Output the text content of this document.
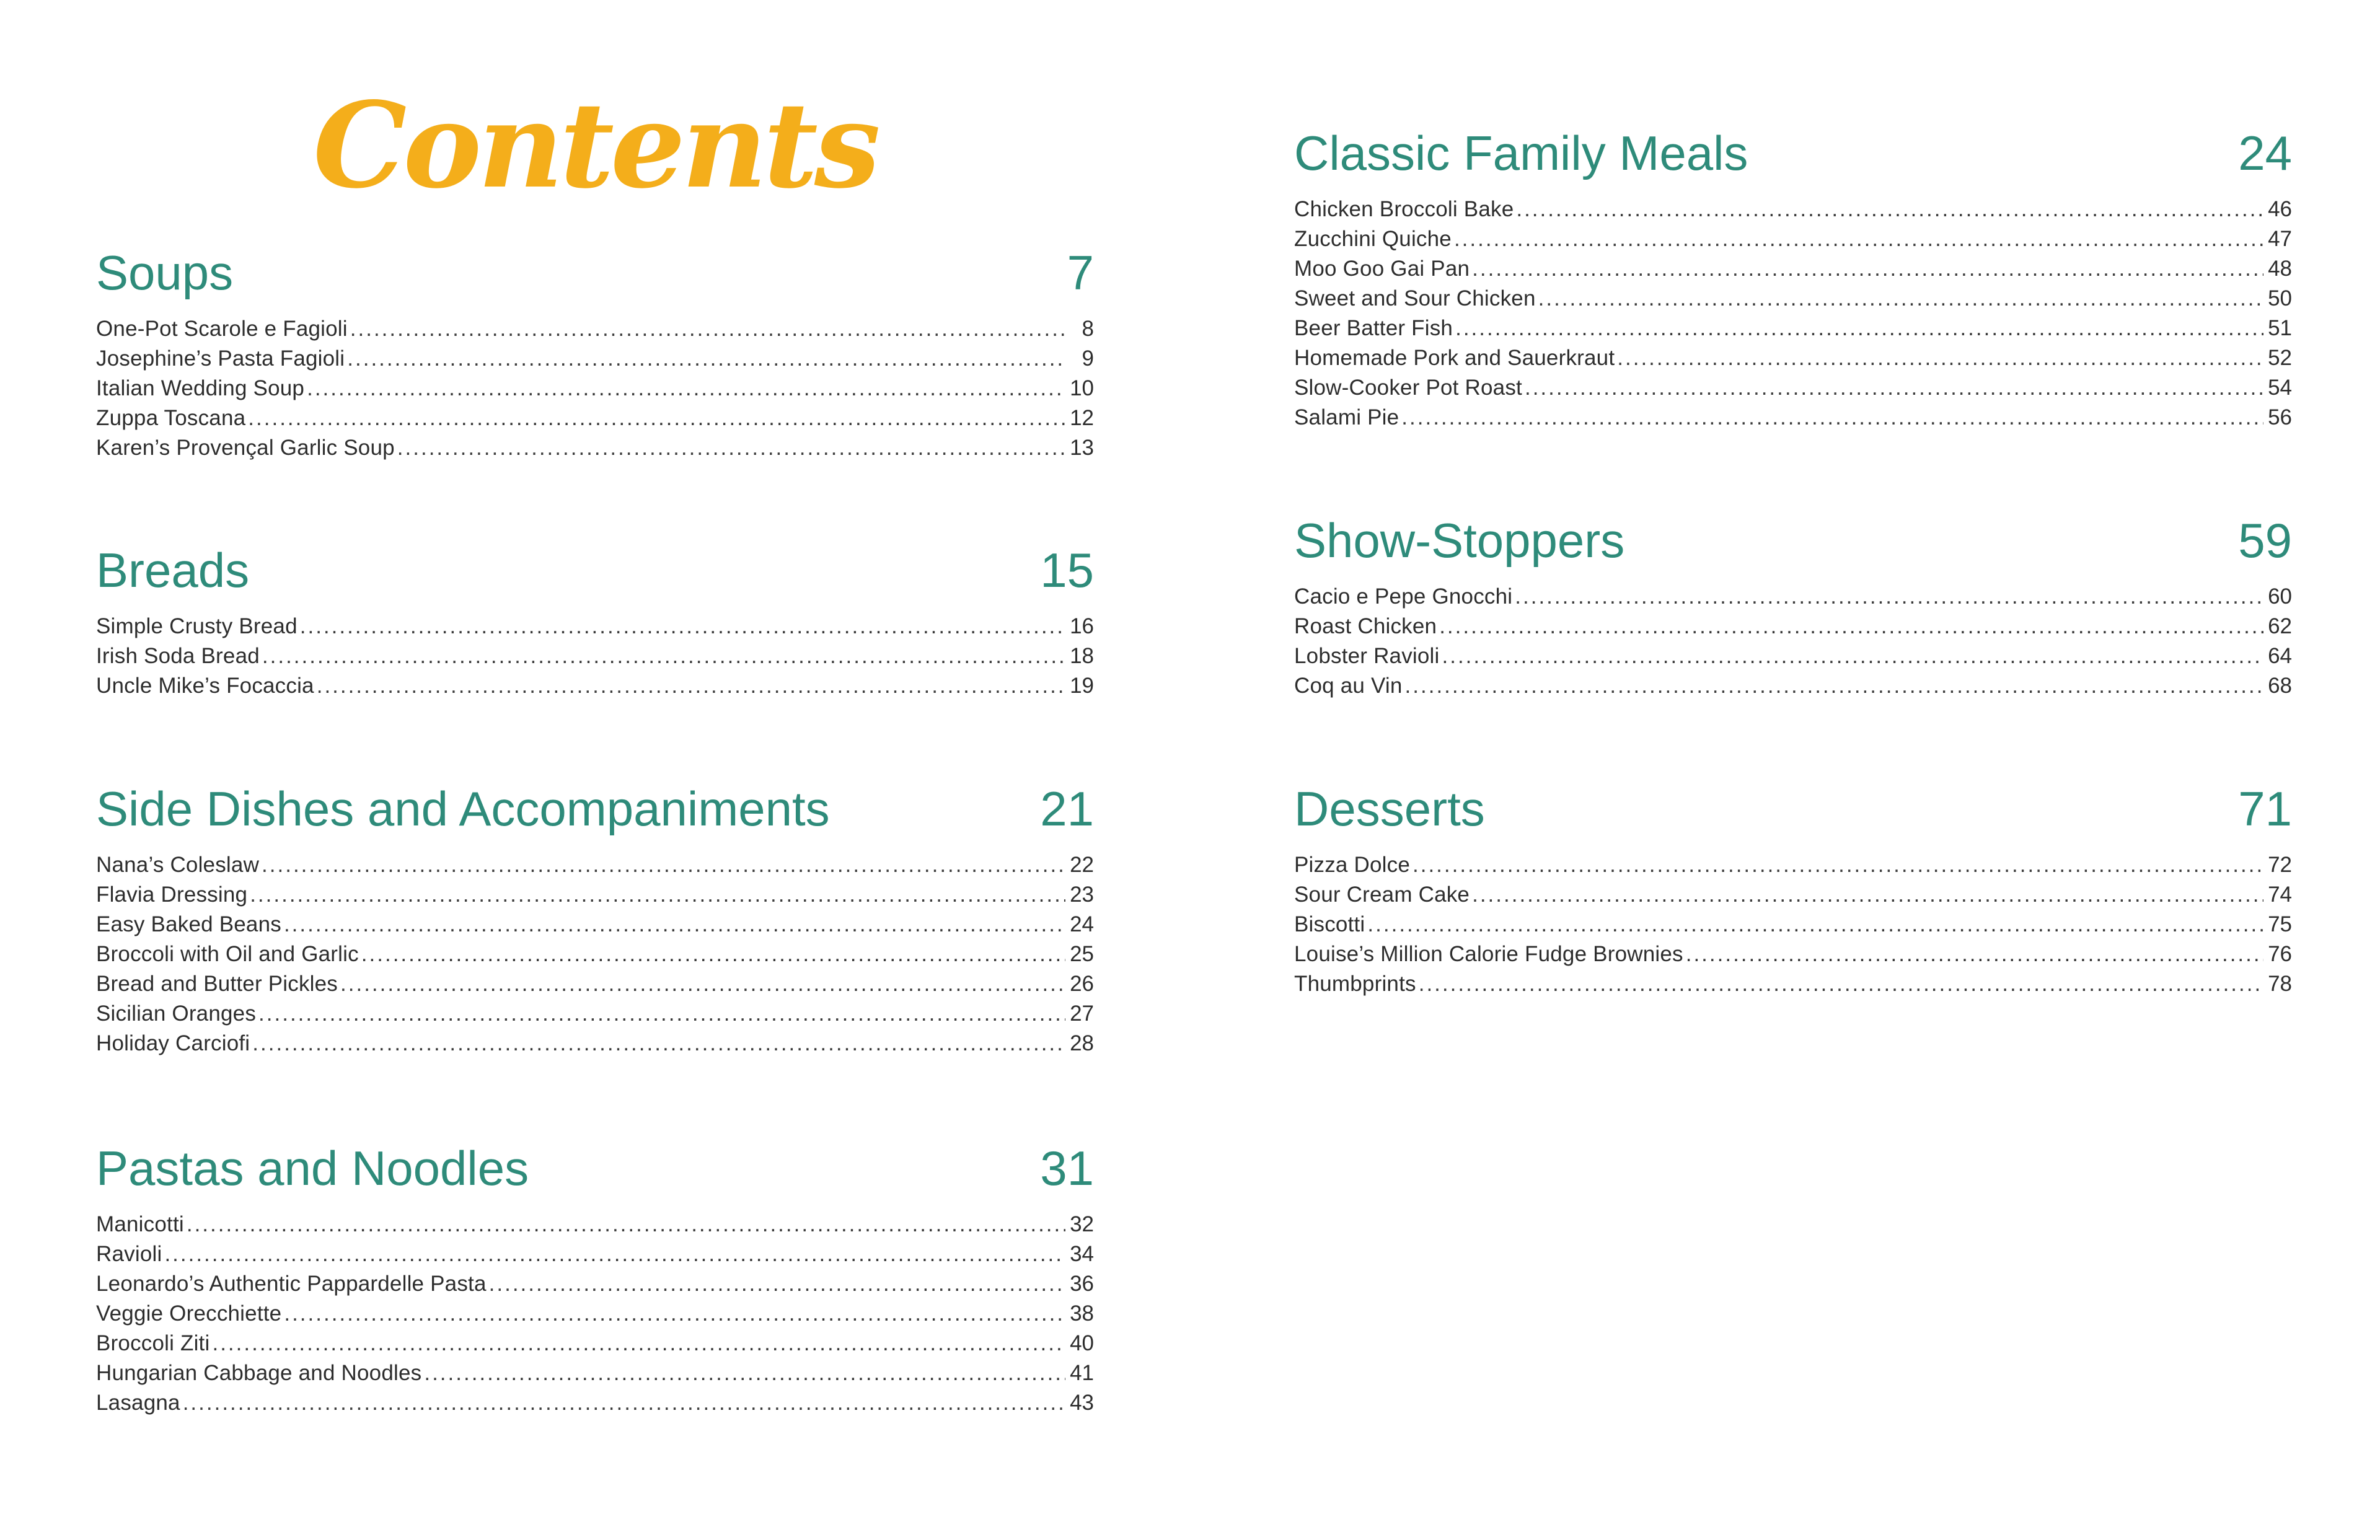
Contents
Soups	7
One-Pot Scarole e Fagioli .....	8
Josephine’s Pasta Fagioli .....	9
Italian Wedding Soup .....	10
Zuppa Toscana .....	12
Karen’s Provençal Garlic Soup .....	13
Breads	15
Simple Crusty Bread .....	16
Irish Soda Bread .....	18
Uncle Mike’s Focaccia .....	19
Side Dishes and Accompaniments	21
Nana’s Coleslaw .....	22
Flavia Dressing .....	23
Easy Baked Beans .....	24
Broccoli with Oil and Garlic .....	25
Bread and Butter Pickles .....	26
Sicilian Oranges .....	27
Holiday Carciofi .....	28
Pastas and Noodles	31
Manicotti .....	32
Ravioli .....	34
Leonardo’s Authentic Pappardelle Pasta .....	36
Veggie Orecchiette .....	38
Broccoli Ziti .....	40
Hungarian Cabbage and Noodles .....	41
Lasagna .....	43
Classic Family Meals	24
Chicken Broccoli Bake .....	46
Zucchini Quiche .....	47
Moo Goo Gai Pan .....	48
Sweet and Sour Chicken .....	50
Beer Batter Fish .....	51
Homemade Pork and Sauerkraut .....	52
Slow-Cooker Pot Roast .....	54
Salami Pie .....	56
Show-Stoppers	59
Cacio e Pepe Gnocchi .....	60
Roast Chicken .....	62
Lobster Ravioli .....	64
Coq au Vin .....	68
Desserts	71
Pizza Dolce .....	72
Sour Cream Cake .....	74
Biscotti .....	75
Louise’s Million Calorie Fudge Brownies .....	76
Thumbprints .....	78
